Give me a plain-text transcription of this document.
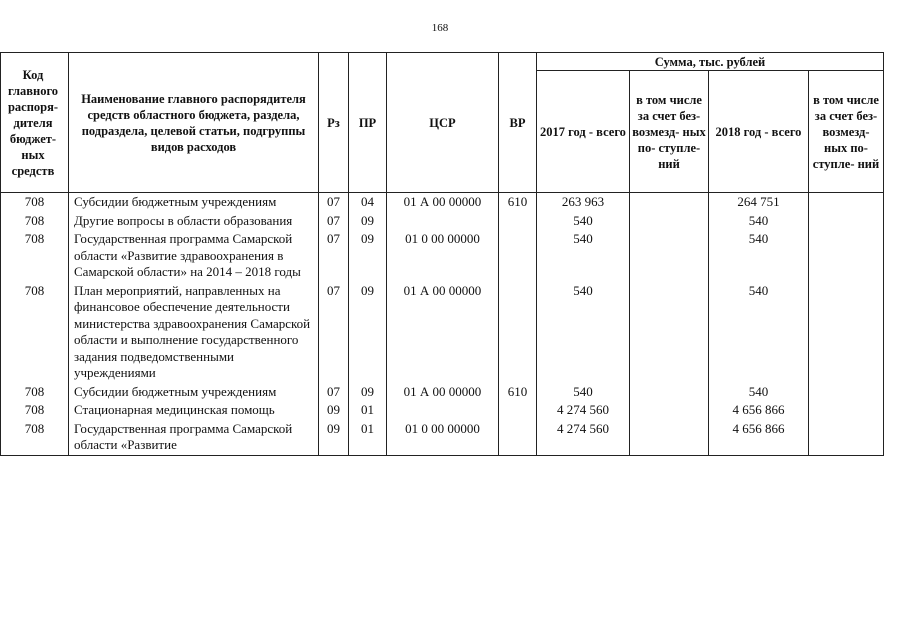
168
Код главного распоря- дителя бюджет- ных средств	Наименование главного распорядителя средств областного бюджета, раздела, подраздела, целевой статьи, подгруппы видов расходов	Рз	ПР	ЦСР	ВР	Сумма, тыс. рублей			
						2017 год - всего	в том числе за счет без- возмезд- ных по- ступле- ний	2018 год - всего	в том числе за счет без- возмезд- ных по- ступле- ний
708	Субсидии бюджетным учреждениям	07	04	01 А 00 00000	610	263 963		264 751	
708	Другие вопросы в области образования	07	09			540		540	
708	Государственная программа Самарской области «Развитие здравоохранения в Самарской области» на 2014 – 2018 годы	07	09	01 0 00 00000		540		540	
708	План мероприятий, направленных на финансовое обеспечение деятельности министерства здравоохранения Самарской области и выполнение государственного задания подведомственными учреждениями	07	09	01 А 00 00000		540		540	
708	Субсидии бюджетным учреждениям	07	09	01 А 00 00000	610	540		540	
708	Стационарная медицинская помощь	09	01			4 274 560		4 656 866	
708	Государственная программа Самарской области «Развитие	09	01	01 0 00 00000		4 274 560		4 656 866	
